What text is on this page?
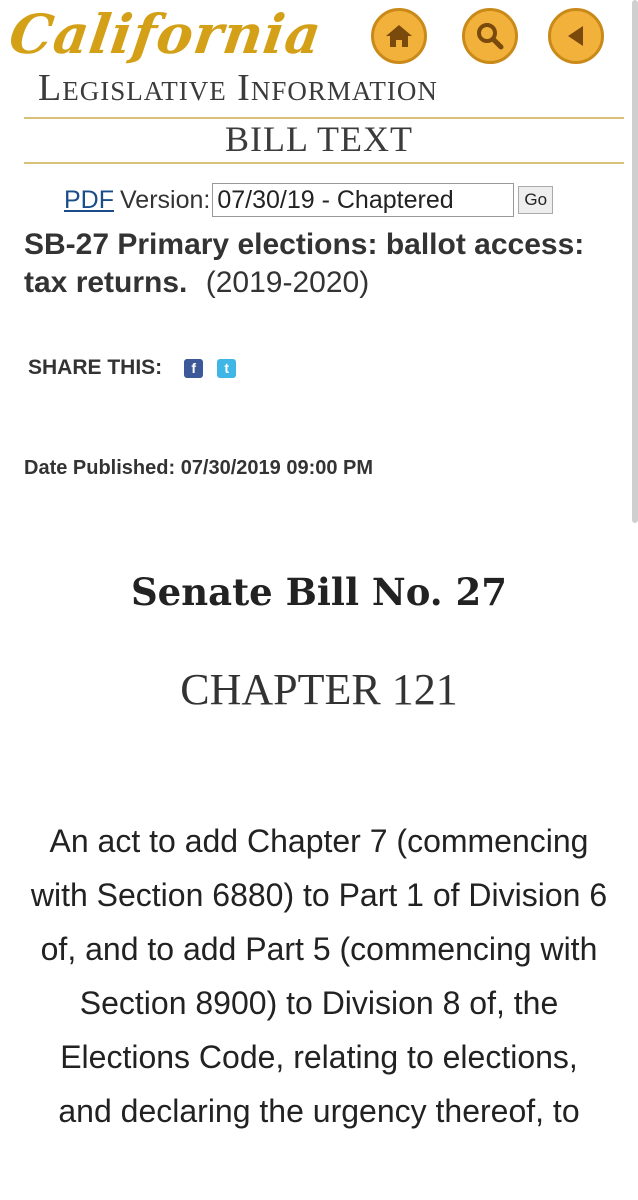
California
Legislative Information
BILL TEXT
PDF Version: 07/30/19 - Chaptered	Go
SB-27 Primary elections: ballot access: tax returns. (2019-2020)
SHARE THIS:	f	t
Date Published: 07/30/2019 09:00 PM
Senate Bill No. 27
CHAPTER 121
An act to add Chapter 7 (commencing with Section 6880) to Part 1 of Division 6 of, and to add Part 5 (commencing with Section 8900) to Division 8 of, the Elections Code, relating to elections, and declaring the urgency thereof, to
